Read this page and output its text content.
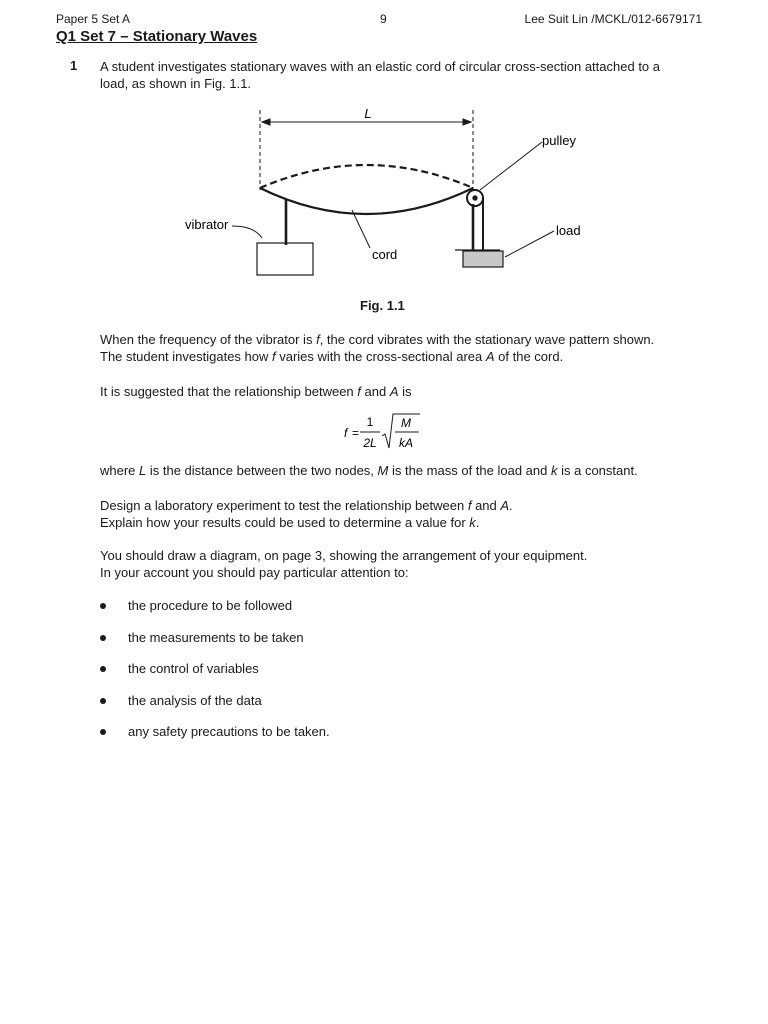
Paper 5 Set A	9	Lee Suit Lin /MCKL/012-6679171
Q1 Set 7 – Stationary Waves
1 A student investigates stationary waves with an elastic cord of circular cross-section attached to a
load, as shown in Fig. 1.1.
L
pulley
vibrator	load
cord
Fig. 1.1
When the frequency of the vibrator is f, the cord vibrates with the stationary wave pattern shown.
The student investigates how f varies with the cross-sectional area A of the cord.
It is suggested that the relationship between f and A is
f =
1
2L
M
kA
where L is the distance between the two nodes, M is the mass of the load and k is a constant.
Design a laboratory experiment to test the relationship between f and A.
Explain how your results could be used to determine a value for k.
You should draw a diagram, on page 3, showing the arrangement of your equipment.
In your account you should pay particular attention to:
the procedure to be followed
the measurements to be taken
the control of variables
the analysis of the data
any safety precautions to be taken.
